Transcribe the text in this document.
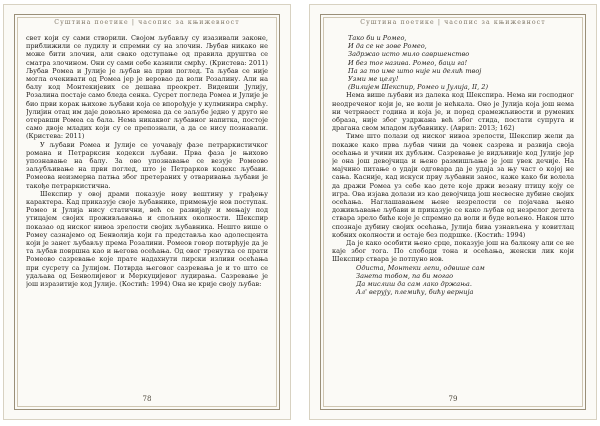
Суштина поетике | часопис за књижевност

свет који су сами створили. Својом љубављу су изазивали законе, приближили се лудилу и спремни су на злочин. Љубав никако не може бити злочин, али свако одступање од правила друштва се сматра злочином. Они су сами себе казнили смрћу. (Кристева: 2011) Љубав Ромеа и Јулије је љубав на први поглед. Та љубав се није могла очекивати од Ромеа јер је веровао да воли Розалину. Али на балу код Монтекијевих се дешава преокрет. Видевши Јулију, Розалина постаје само бледа сенка. Сусрет погледа Ромеа и Јулије је био први корак њихове љубави која се впорођује у кулминира смрћу. Јулијин отац им даје довољно времена да се заљубе једно у друго не отеравши Ромеа са бала. Нема никаквог љубавног напитка, постоје само двоје младих који су се препознали, а да се нису познавали. (Кристева: 2011)

У љубави Ромеа и Јулије се уочавају фазе петраркистичког романа и Петрарксин кодекси љубави. Прва фаза је њихово упознавање на балу. За ово упознавање се везује Ромеово заљубљивање на први поглед, што је Петрарков кодекс љубави. Ромеова неизмерна патња због претераних у отваривања љубави је такође петраркистична.

Шекспир у овој драми показује нову вештину у грађењу карактера. Кад приказује своје љубавнике, примењује нов поступак. Ромео и Јулија нису статични, већ се развијају и мењају под утицајем својих проживљавања и спољних околности. Шекспир показао од ниског нивоа зрелости својих љубавника. Нешто више о Ромеу сазнајемо од Бенволија који га представља као адолесцента који је занет љубављу према Розалини. Ромеов говор потврђује да је та љубав површна као и његова осећања. Од овог тренутка се прати Ромеово сазревање које прате надахнути лирски изливи осећања при сусрету са Јулијом. Потврда његовог сазревања је и то што се удаљава од Бенволијевог и Меркуцијевог лудирања. Сазревање је још изразитије код Јулије. (Костић: 1994) Она не крије своју љубав:

78
Суштина поетике | часопис за књижевност

Тако би и Ромео,

И да се не зове Ромео,

Задржао исто мило савршенство

И без тог назива. Ромео, баци га!

Па за то име што није ни делић твој

Узми ме целу!

(Вилијем Шекспир, Ромео и Јулија, II, 2)

Нема више љубави из далека код Шекспира. Нема ни господног неодреченог који је, не воли је нећкала. Оно је Јулија која још нема ни четрнаест година и која је, и поред срамежљивости и румених образа, није због уздржана већ због стида, постати супруга и драгана свом младом љубавнику. (Аврил: 2013; 162)

Тиме што полази од ниског нивоа зрелости, Шекспир жели да покаже како прва љубав чини да човек сазрева и развија своја осећања и учини их дубљим. Сазревање је видљивије код Јулије јер је она још девојчица и њено размишљање је још увек дечије. На мајчино питање о удаји одговара да је удаја за њу част о којој не сања. Касније, кад искуси прву љубавни занос, каже како би волела да дражи Ромеа уз себе као дете које држи везану птицу коју се игра. Ова изјава долази из као девојчица још несвесне дубине својих осећања. Наглашавањем њене незрелости се појачава њено доживљавање љубави и приказује се како љубав од незрелог детета ствара зрело биће које је спремно да воли и буде вољено. Након што спознаје дубину својих осећања, Јулија бива узнављена у ковитлац кобних околности и остаје без подршке. (Костић: 1994)

Да је како особити њено срце, показује још на балкону али се не каје због тога. По слободи тона и осећања, женски лик који Шекспир ствара је потпуно нов.

Одиста, Монтеки лепи, одвише сам

Занета тобом, па би могао

Да мислиш да сам лако држања.

Ал' верују, племићу, бићу верниja

79
